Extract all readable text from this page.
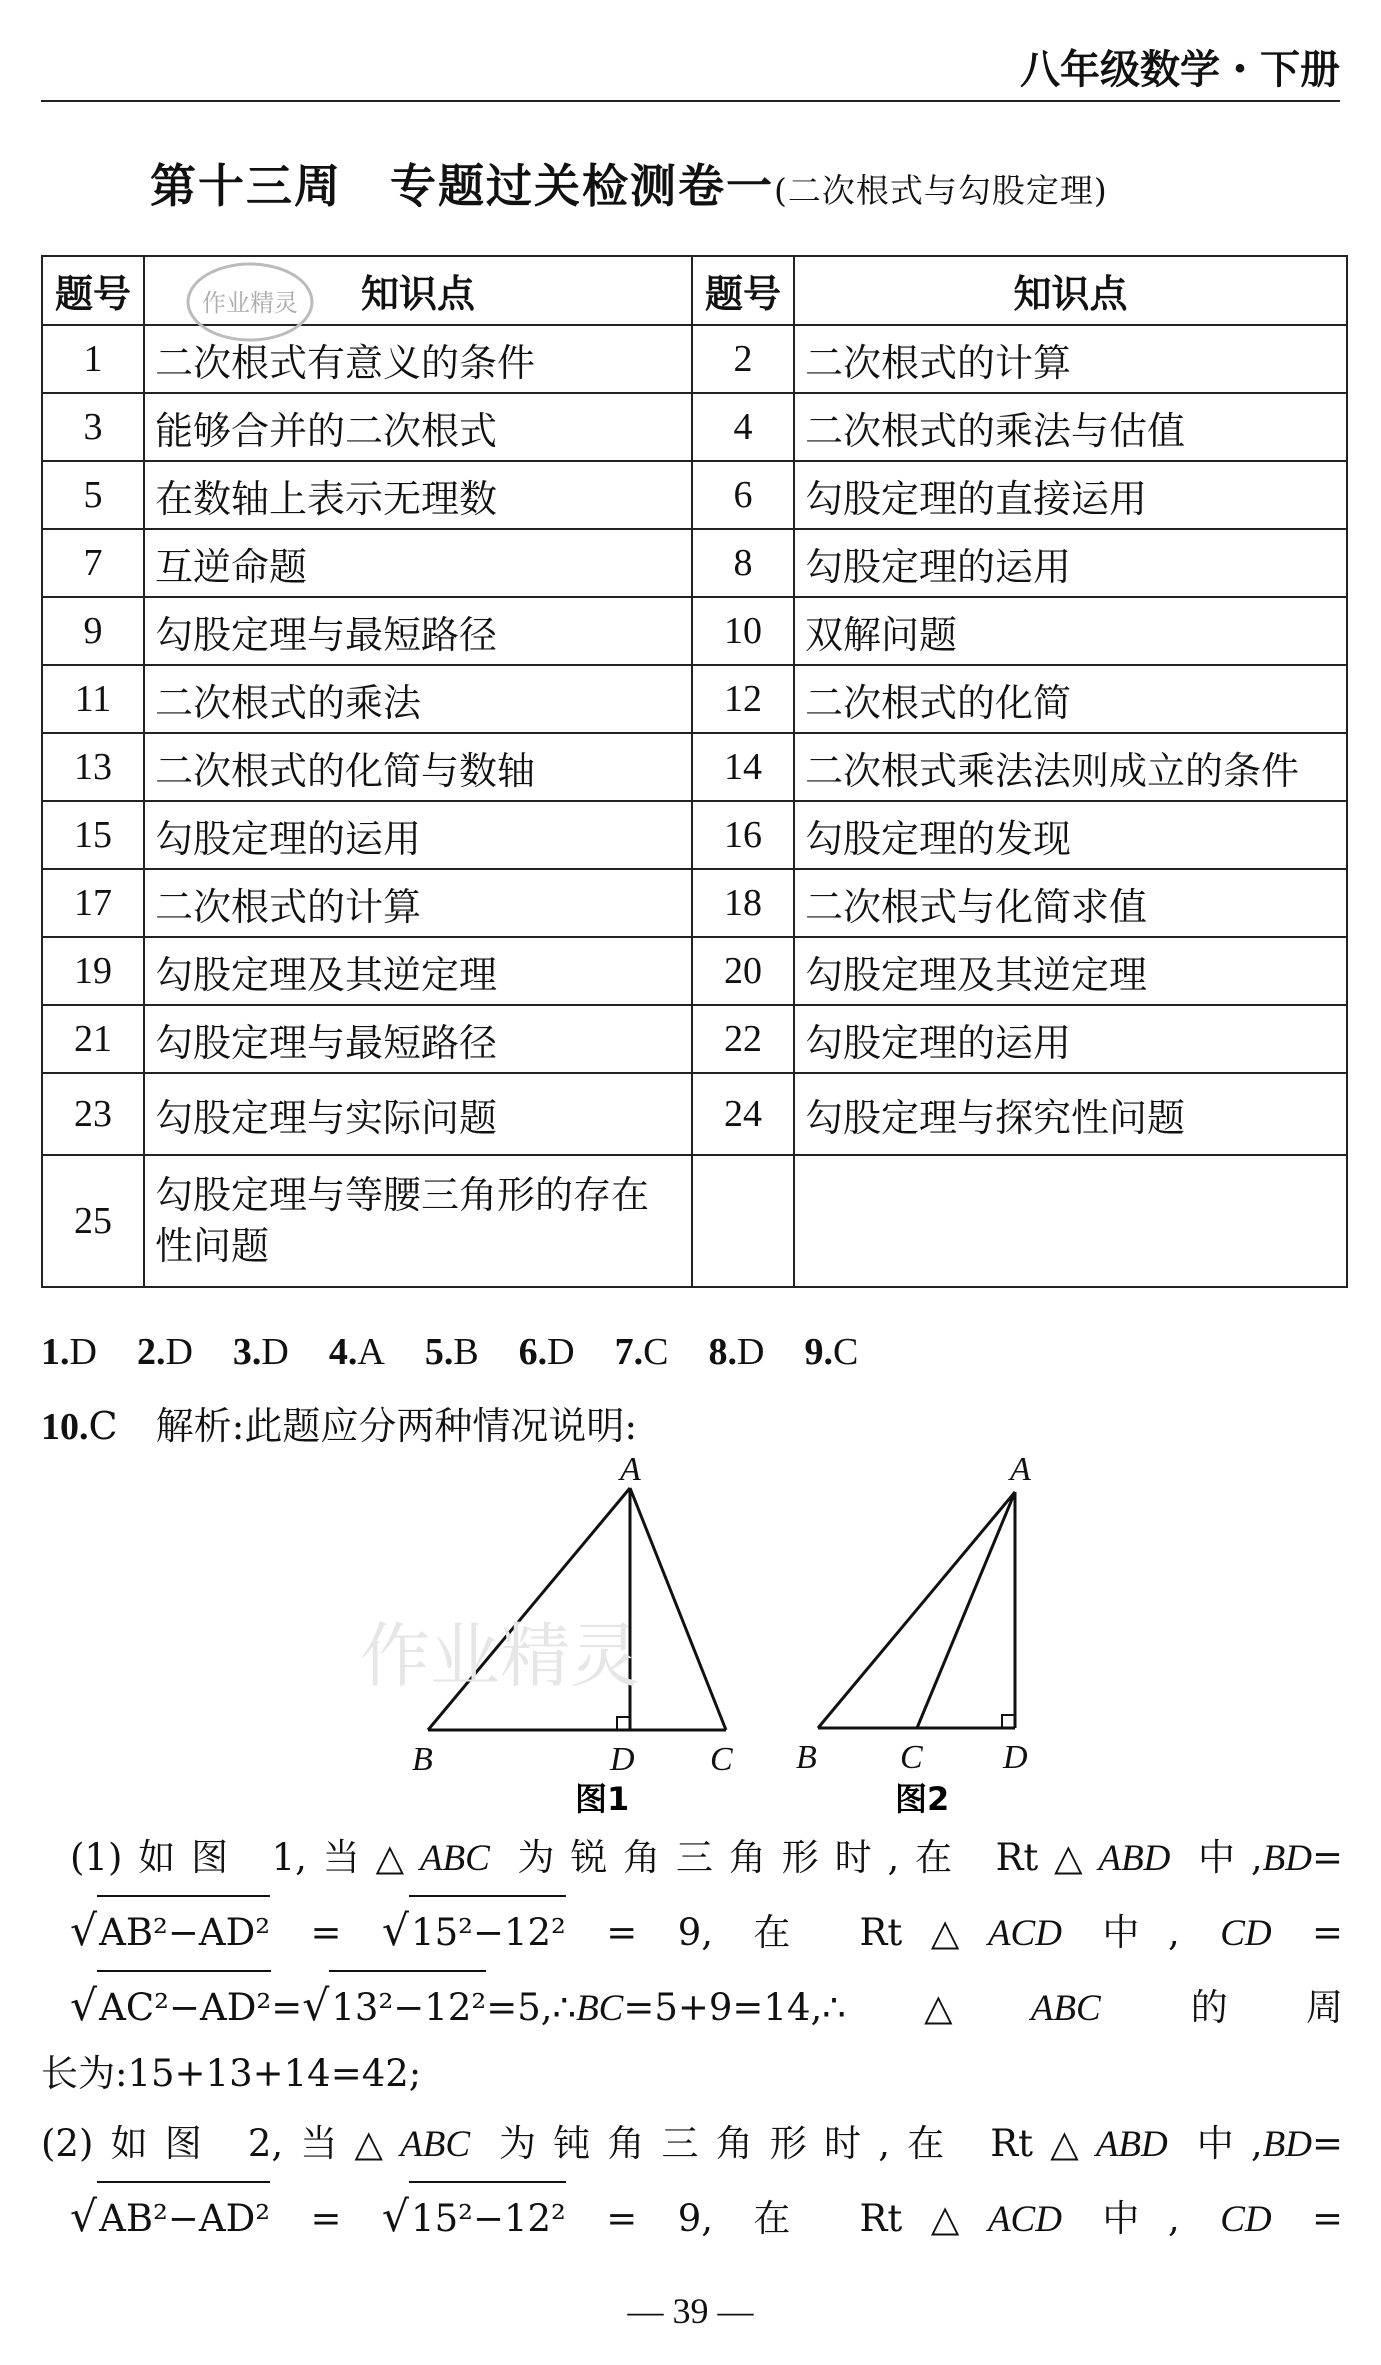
八年级数学・下册
第十三周　专题过关检测卷一(二次根式与勾股定理)
题号	知识点	题号	知识点
1	二次根式有意义的条件	2	二次根式的计算
3	能够合并的二次根式	4	二次根式的乘法与估值
5	在数轴上表示无理数	6	勾股定理的直接运用
7	互逆命题	8	勾股定理的运用
9	勾股定理与最短路径	10	双解问题
11	二次根式的乘法	12	二次根式的化简
13	二次根式的化简与数轴	14	二次根式乘法法则成立的条件
15	勾股定理的运用	16	勾股定理的发现
17	二次根式的计算	18	二次根式与化简求值
19	勾股定理及其逆定理	20	勾股定理及其逆定理
21	勾股定理与最短路径	22	勾股定理的运用
23	勾股定理与实际问题	24	勾股定理与探究性问题
25	勾股定理与等腰三角形的存在性问题		
作业精灵
1.D 2.D 3.D 4.A 5.B 6.D 7.C 8.D 9.C
10.C　 解析:此题应分两种情况说明:
A
B	D C
图1
A
B C D
图2
作业精灵

(1)如图 1,当△ABC 为锐角三角形时,在 Rt△ABD 中,BD=

√AB²−AD² = √15²−12² = 9, 在 Rt△ACD 中, CD =

√AC²−AD²=√13²−12²=5,∴BC=5+9=14,∴△ABC 的周

长为:15+13+14=42;

(2)如图 2,当△ABC 为钝角三角形时,在 Rt△ABD 中,BD=

√AB²−AD² = √15²−12² = 9, 在 Rt△ACD 中, CD =

— 39 —
